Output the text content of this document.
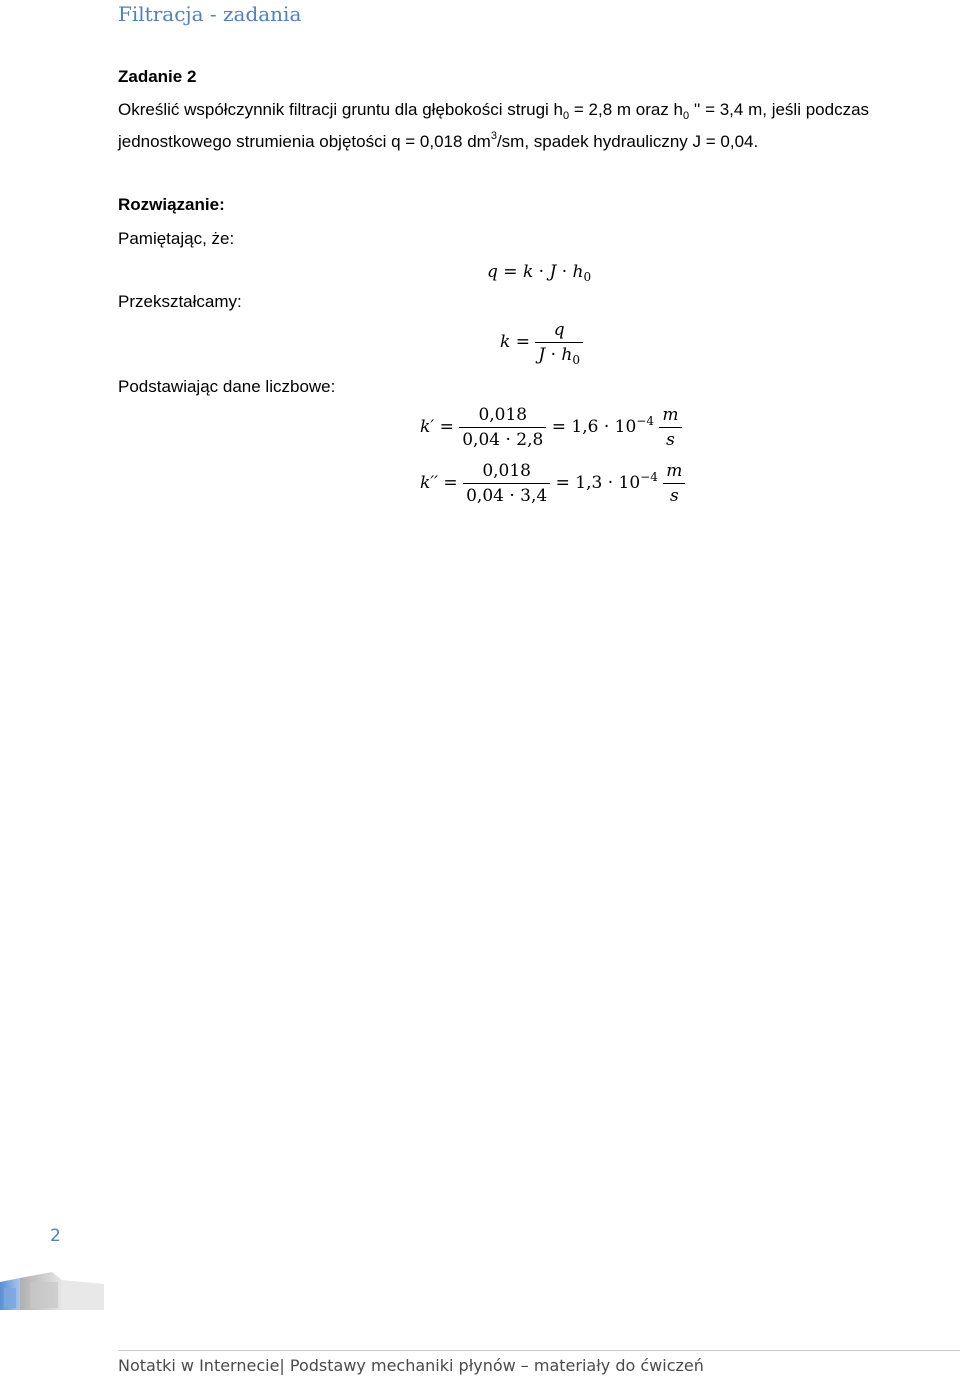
Filtracja - zadania
Zadanie 2
Określić współczynnik filtracji gruntu dla głębokości strugi $h_0 = 2,8$ m oraz $h_0$ '' = 3,4 m, jeśli podczas
jednostkowego strumienia objętości q = 0,018 $dm^3/sm$, spadek hydrauliczny J = 0,04.
Rozwiązanie:
Pamiętając, że:
$q = k \cdot J \cdot h_0$
Przekształcamy:
$k = \frac{q}{J \cdot h_0}$
Podstawiając dane liczbowe:
$k' = \frac{0,018}{0,04 \cdot 2,8} = 1,6 \cdot 10^{-4} \frac{m}{s}$
$k'' = \frac{0,018}{0,04 \cdot 3,4} = 1,3 \cdot 10^{-4} \frac{m}{s}$
2
Notatki w Internecie| Podstawy mechaniki płynów – materiały do ćwiczeń
